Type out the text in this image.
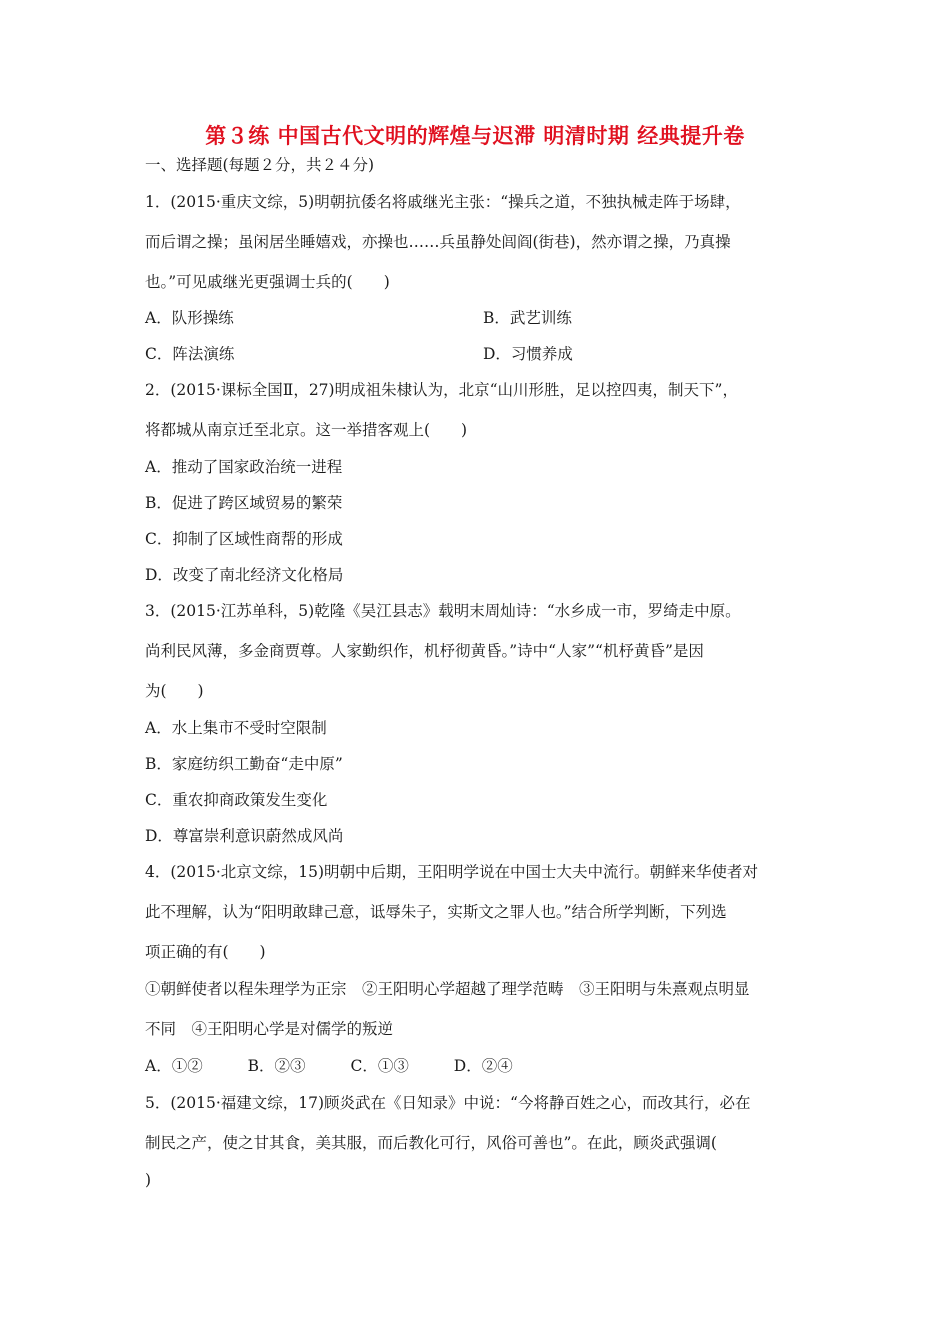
第３练 中国古代文明的辉煌与迟滞 明清时期 经典提升卷
一、选择题(每题２分，共２４分)
1．(2015·重庆文综，5)明朝抗倭名将戚继光主张：“操兵之道，不独执械走阵于场肆，
而后谓之操；虽闲居坐睡嬉戏，亦操也……兵虽静处闾阎(街巷)，然亦谓之操，乃真操
也。”可见戚继光更强调士兵的(　　)
A．队形操练	B．武艺训练
C．阵法演练	D．习惯养成
2．(2015·课标全国Ⅱ，27)明成祖朱棣认为，北京“山川形胜，足以控四夷，制天下”，
将都城从南京迁至北京。这一举措客观上(　　)
A．推动了国家政治统一进程
B．促进了跨区域贸易的繁荣
C．抑制了区域性商帮的形成
D．改变了南北经济文化格局
3．(2015·江苏单科，5)乾隆《吴江县志》载明末周灿诗：“水乡成一市，罗绮走中原。
尚利民风薄，多金商贾尊。人家勤织作，机杼彻黄昏。”诗中“人家”“机杼黄昏”是因
为(　　)
A．水上集市不受时空限制
B．家庭纺织工勤奋“走中原”
C．重农抑商政策发生变化
D．尊富崇利意识蔚然成风尚
4．(2015·北京文综，15)明朝中后期，王阳明学说在中国士大夫中流行。朝鲜来华使者对
此不理解，认为“阳明敢肆己意，诋辱朱子，实斯文之罪人也。”结合所学判断，下列选
项正确的有(　　)
①朝鲜使者以程朱理学为正宗　②王阳明心学超越了理学范畴　③王阳明与朱熹观点明显
不同　④王阳明心学是对儒学的叛逆
A．①②	B．②③	C．①③	D．②④
5．(2015·福建文综，17)顾炎武在《日知录》中说：“今将静百姓之心，而改其行，必在
制民之产，使之甘其食，美其服，而后教化可行，风俗可善也”。在此，顾炎武强调(
)
